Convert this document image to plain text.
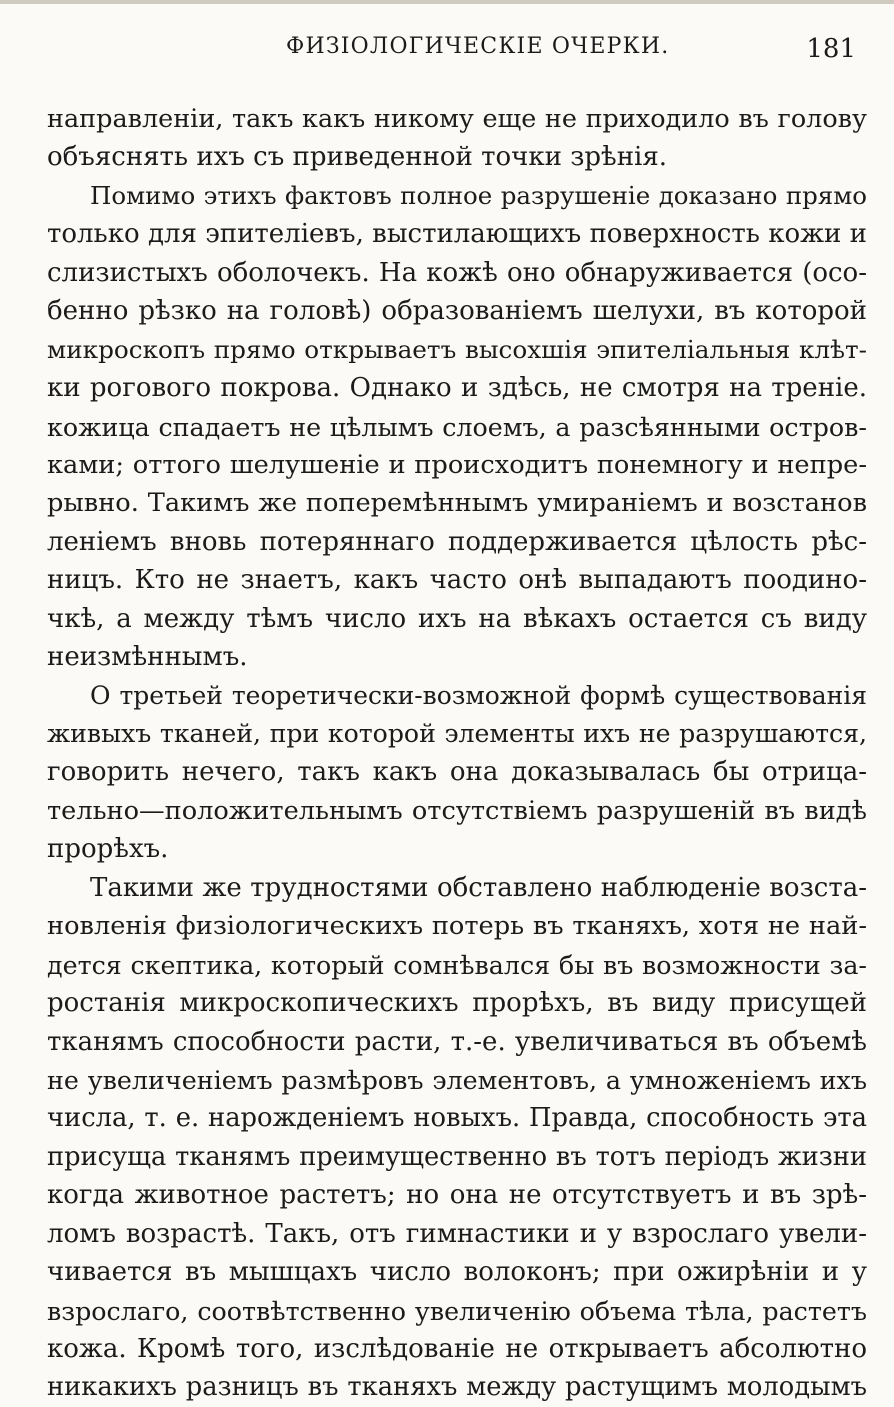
ФИЗІОЛОГИЧЕСКІЕ ОЧЕРКИ.	181
направленіи, такъ какъ никому еще не приходило въ голову
объяснять ихъ съ приведенной точки зрѣнія.
Помимо этихъ фактовъ полное разрушеніе доказано прямо
только для эпителіевъ, выстилающихъ поверхность кожи и
слизистыхъ оболочекъ. На кожѣ оно обнаруживается (осо-
бенно рѣзко на головѣ) образованіемъ шелухи, въ которой
микроскопъ прямо открываетъ высохшія эпителіальныя клѣт-
ки рогового покрова. Однако и здѣсь, не смотря на треніе.
кожица спадаетъ не цѣлымъ слоемъ, а разсѣянными остров-
ками; оттого шелушеніе и происходитъ понемногу и непре-
рывно. Такимъ же поперемѣннымъ умираніемъ и возстанов
леніемъ вновь потеряннаго поддерживается цѣлость рѣс-
ницъ. Кто не знаетъ, какъ часто онѣ выпадаютъ поодино-
чкѣ, а между тѣмъ число ихъ на вѣкахъ остается съ виду
неизмѣннымъ.
О третьей теоретически-возможной формѣ существованія
живыхъ тканей, при которой элементы ихъ не разрушаются,
говорить нечего, такъ какъ она доказывалась бы отрица-
тельно—положительнымъ отсутствіемъ разрушеній въ видѣ
прорѣхъ.
Такими же трудностями обставлено наблюденіе возста-
новленія физіологическихъ потерь въ тканяхъ, хотя не най-
дется скептика, который сомнѣвался бы въ возможности за-
ростанія микроскопическихъ прорѣхъ, въ виду присущей
тканямъ способности расти, т.-е. увеличиваться въ объемѣ
не увеличеніемъ размѣровъ элементовъ, а умноженіемъ ихъ
числа, т. е. нарожденіемъ новыхъ. Правда, способность эта
присуща тканямъ преимущественно въ тотъ періодъ жизни
когда животное растетъ; но она не отсутствуетъ и въ зрѣ-
ломъ возрастѣ. Такъ, отъ гимнастики и у взрослаго увели-
чивается въ мышцахъ число волоконъ; при ожирѣніи и у
взрослаго, соотвѣтственно увеличенію объема тѣла, растетъ
кожа. Кромѣ того, изслѣдованіе не открываетъ абсолютно
никакихъ разницъ въ тканяхъ между растущимъ молодымъ
